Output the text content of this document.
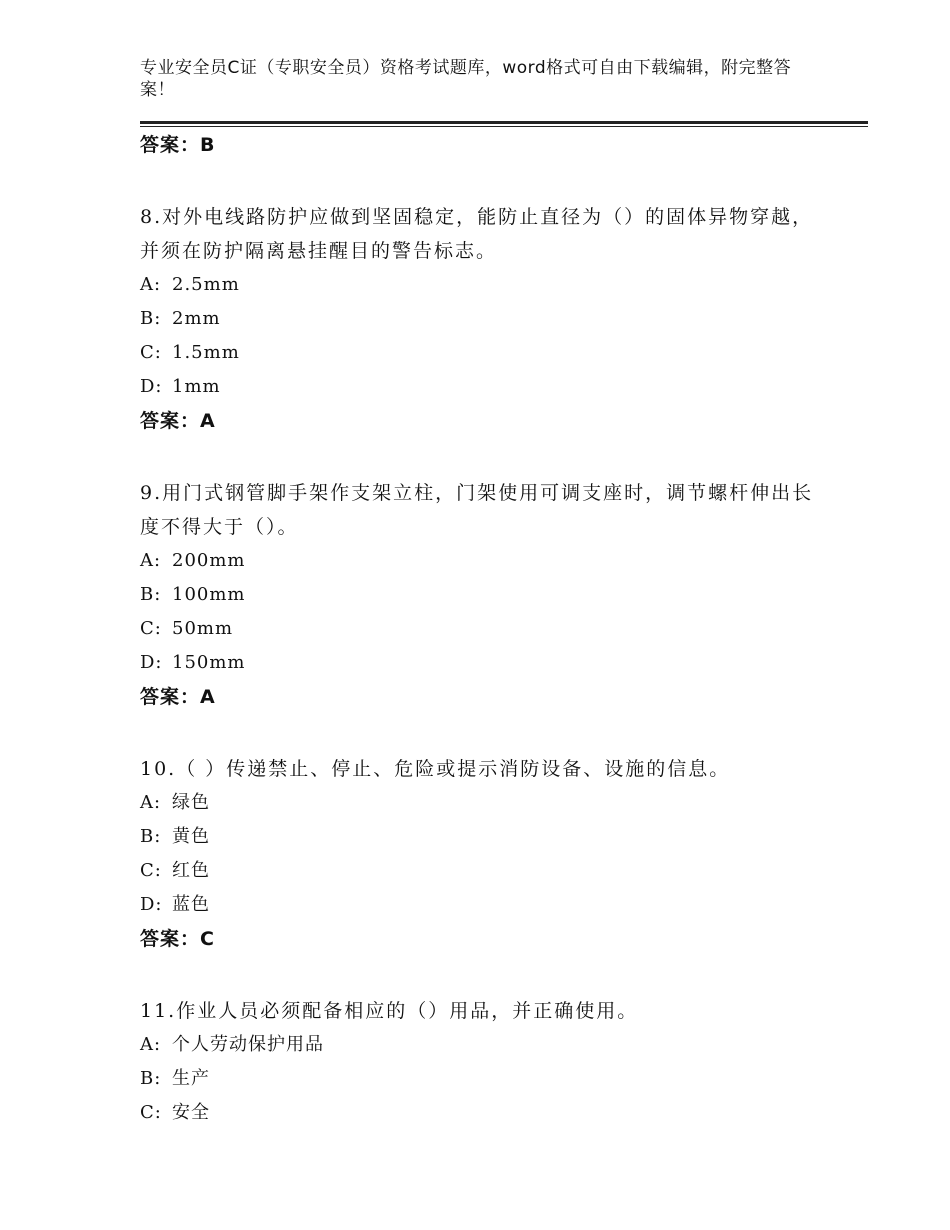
专业安全员C证（专职安全员）资格考试题库，word格式可自由下载编辑，附完整答案！
答案：B
8.对外电线路防护应做到坚固稳定，能防止直径为（）的固体异物穿越，并须在防护隔离悬挂醒目的警告标志。
A: 2.5mm
B: 2mm
C: 1.5mm
D: 1mm
答案：A
9.用门式钢管脚手架作支架立柱，门架使用可调支座时，调节螺杆伸出长度不得大于（）。
A: 200mm
B: 100mm
C: 50mm
D: 150mm
答案：A
10.（ ）传递禁止、停止、危险或提示消防设备、设施的信息。
A: 绿色
B: 黄色
C: 红色
D: 蓝色
答案：C
11.作业人员必须配备相应的（）用品，并正确使用。
A: 个人劳动保护用品
B: 生产
C: 安全
